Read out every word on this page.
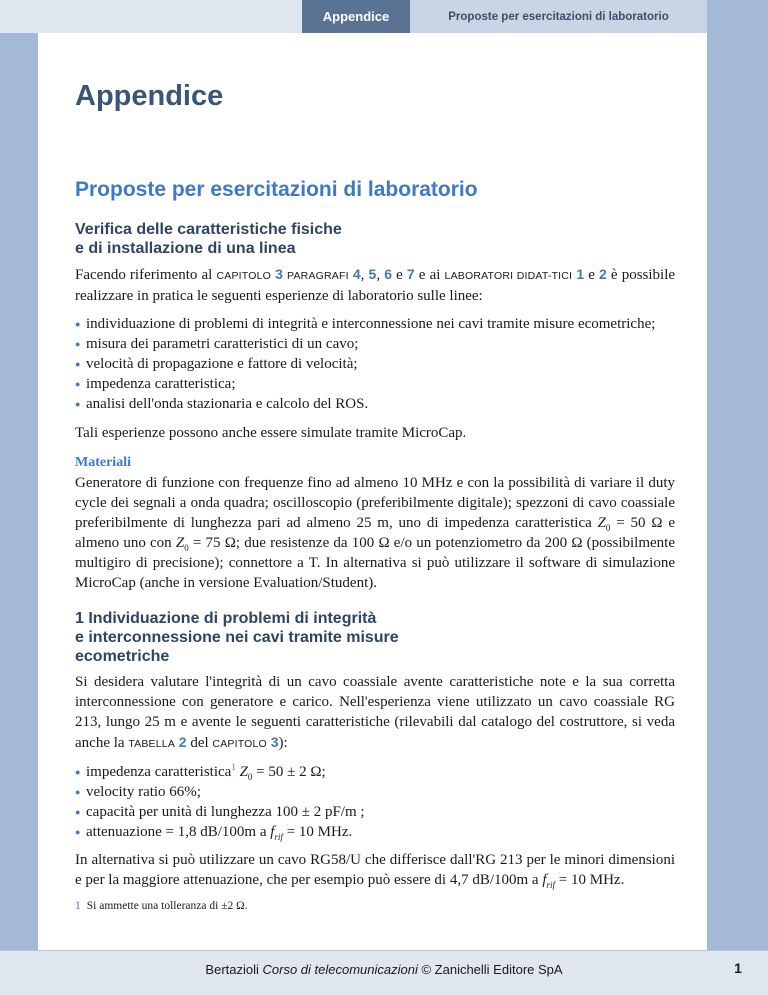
Appendice	Proposte per esercitazioni di laboratorio
Appendice
Proposte per esercitazioni di laboratorio
Verifica delle caratteristiche fisiche
e di installazione di una linea

Facendo riferimento al CAPITOLO 3 PARAGRAFI 4, 5, 6 e 7 e ai LABORATORI DIDAT-TICI 1 e 2 è possibile realizzare in pratica le seguenti esperienze di laboratorio sulle linee:

● individuazione di problemi di integrità e interconnessione nei cavi tramite misure ecometriche;
● misura dei parametri caratteristici di un cavo;
● velocità di propagazione e fattore di velocità;
● impedenza caratteristica;
● analisi dell'onda stazionaria e calcolo del ROS.

Tali esperienze possono anche essere simulate tramite MicroCap.

Materiali

Generatore di funzione con frequenze fino ad almeno 10 MHz e con la possibilità di variare il duty cycle dei segnali a onda quadra; oscilloscopio (preferibilmente digitale); spezzoni di cavo coassiale preferibilmente di lunghezza pari ad almeno 25 m, uno di impedenza caratteristica $Z_0 = 50$ Ω e almeno uno con $Z_0 = 75$ Ω; due resistenze da 100 Ω e/o un potenziometro da 200 Ω (possibilmente multigiro di precisione); connettore a T. In alternativa si può utilizzare il software di simulazione MicroCap (anche in versione Evaluation/Student).

1 Individuazione di problemi di integrità
e interconnessione nei cavi tramite misure
ecometriche

Si desidera valutare l'integrità di un cavo coassiale avente caratteristiche note e la sua corretta interconnessione con generatore e carico. Nell'esperienza viene utilizzato un cavo coassiale RG 213, lungo 25 m e avente le seguenti caratteristiche (rilevabili dal catalogo del costruttore, si veda anche la TABELLA 2 del CAPITOLO 3):

● impedenza caratteristica$^1$ $Z_0 = 50 \pm 2$ Ω;
● velocity ratio 66%;
● capacità per unità di lunghezza 100 ± 2 pF/m ;
● attenuazione = 1,8 dB/100m a $f_{rif} = 10$ MHz.

In alternativa si può utilizzare un cavo RG58/U che differisce dall'RG 213 per le minori dimensioni e per la maggiore attenuazione, che per esempio può essere di 4,7 dB/100m a $f_{rif} = 10$ MHz.

1 Si ammette una tolleranza di ±2 Ω.

Bertazioli Corso di telecomunicazioni © Zanichelli Editore SpA	1
